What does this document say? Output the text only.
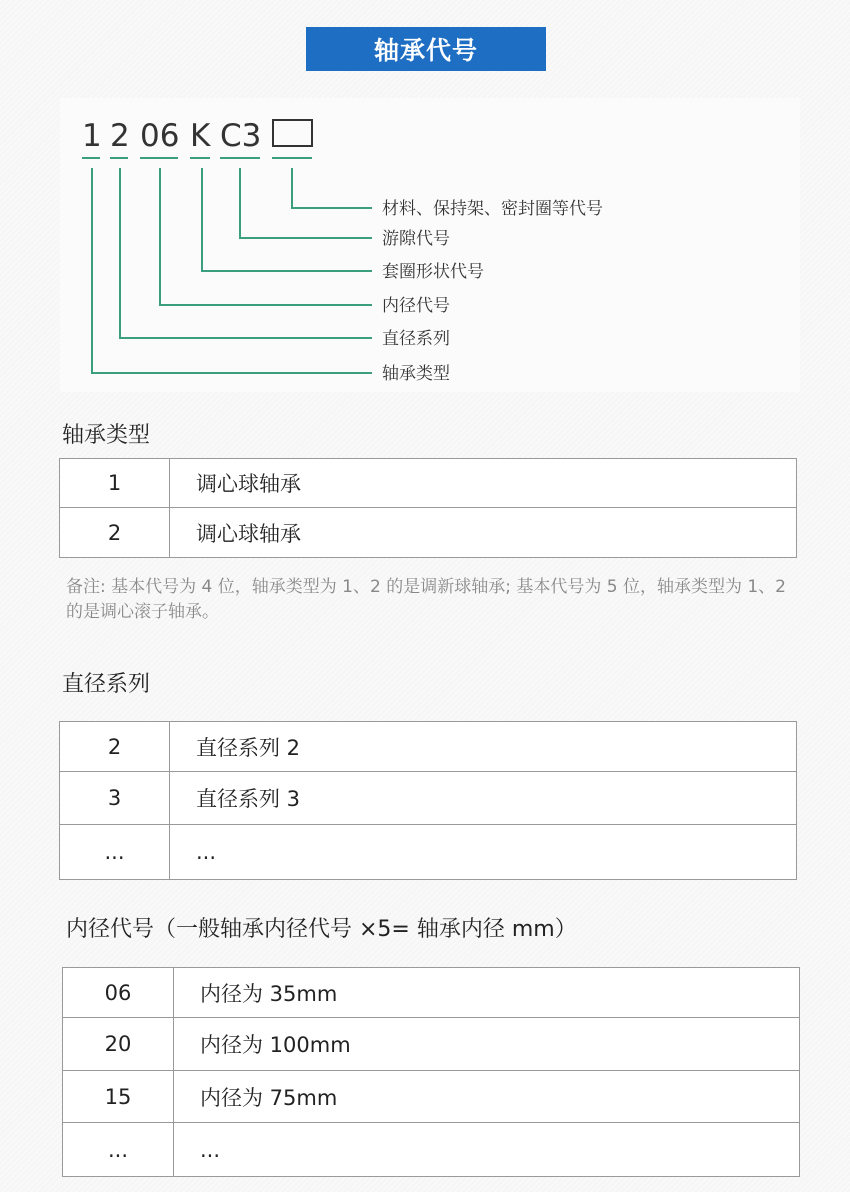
轴承代号
1 2 06 K C3
材料、保持架、密封圈等代号
游隙代号
套圈形状代号
内径代号
直径系列
轴承类型
轴承类型
1	调心球轴承
2	调心球轴承
备注: 基本代号为 4 位，轴承类型为 1、2 的是调新球轴承; 基本代号为 5 位，轴承类型为 1、2 的是调心滚子轴承。
直径系列
2	直径系列 2
3	直径系列 3
...	...
内径代号（一般轴承内径代号 ×5= 轴承内径 mm）
06	内径为 35mm
20	内径为 100mm
15	内径为 75mm
...	...
